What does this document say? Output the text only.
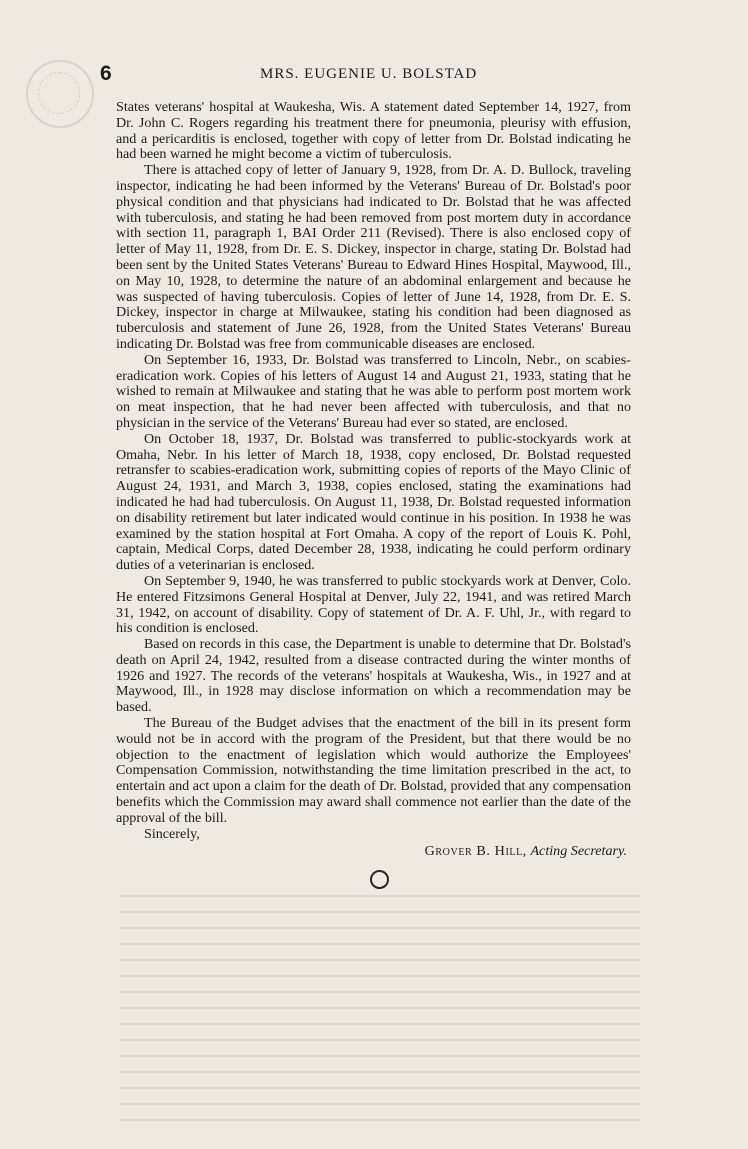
6	MRS. EUGENIE U. BOLSTAD

States veterans' hospital at Waukesha, Wis. A statement dated September 14, 1927, from Dr. John C. Rogers regarding his treatment there for pneumonia, pleurisy with effusion, and a pericarditis is enclosed, together with copy of letter from Dr. Bolstad indicating he had been warned he might become a victim of tuberculosis.

There is attached copy of letter of January 9, 1928, from Dr. A. D. Bullock, traveling inspector, indicating he had been informed by the Veterans' Bureau of Dr. Bolstad's poor physical condition and that physicians had indicated to Dr. Bolstad that he was affected with tuberculosis, and stating he had been removed from post mortem duty in accordance with section 11, paragraph 1, BAI Order 211 (Revised). There is also enclosed copy of letter of May 11, 1928, from Dr. E. S. Dickey, inspector in charge, stating Dr. Bolstad had been sent by the United States Veterans' Bureau to Edward Hines Hospital, Maywood, Ill., on May 10, 1928, to determine the nature of an abdominal enlargement and because he was suspected of having tuberculosis. Copies of letter of June 14, 1928, from Dr. E. S. Dickey, inspector in charge at Milwaukee, stating his condition had been diagnosed as tuberculosis and statement of June 26, 1928, from the United States Veterans' Bureau indicating Dr. Bolstad was free from communicable diseases are enclosed.

On September 16, 1933, Dr. Bolstad was transferred to Lincoln, Nebr., on scabies-eradication work. Copies of his letters of August 14 and August 21, 1933, stating that he wished to remain at Milwaukee and stating that he was able to perform post mortem work on meat inspection, that he had never been affected with tuberculosis, and that no physician in the service of the Veterans' Bureau had ever so stated, are enclosed.

On October 18, 1937, Dr. Bolstad was transferred to public-stockyards work at Omaha, Nebr. In his letter of March 18, 1938, copy enclosed, Dr. Bolstad requested retransfer to scabies-eradication work, submitting copies of reports of the Mayo Clinic of August 24, 1931, and March 3, 1938, copies enclosed, stating the examinations had indicated he had had tuberculosis. On August 11, 1938, Dr. Bolstad requested information on disability retirement but later indicated would continue in his position. In 1938 he was examined by the station hospital at Fort Omaha. A copy of the report of Louis K. Pohl, captain, Medical Corps, dated December 28, 1938, indicating he could perform ordinary duties of a veterinarian is enclosed.

On September 9, 1940, he was transferred to public stockyards work at Denver, Colo. He entered Fitzsimons General Hospital at Denver, July 22, 1941, and was retired March 31, 1942, on account of disability. Copy of statement of Dr. A. F. Uhl, Jr., with regard to his condition is enclosed.

Based on records in this case, the Department is unable to determine that Dr. Bolstad's death on April 24, 1942, resulted from a disease contracted during the winter months of 1926 and 1927. The records of the veterans' hospitals at Waukesha, Wis., in 1927 and at Maywood, Ill., in 1928 may disclose information on which a recommendation may be based.

The Bureau of the Budget advises that the enactment of the bill in its present form would not be in accord with the program of the President, but that there would be no objection to the enactment of legislation which would authorize the Employees' Compensation Commission, notwithstanding the time limitation prescribed in the act, to entertain and act upon a claim for the death of Dr. Bolstad, provided that any compensation benefits which the Commission may award shall commence not earlier than the date of the approval of the bill.

Sincerely,
Grover B. Hill, Acting Secretary.
